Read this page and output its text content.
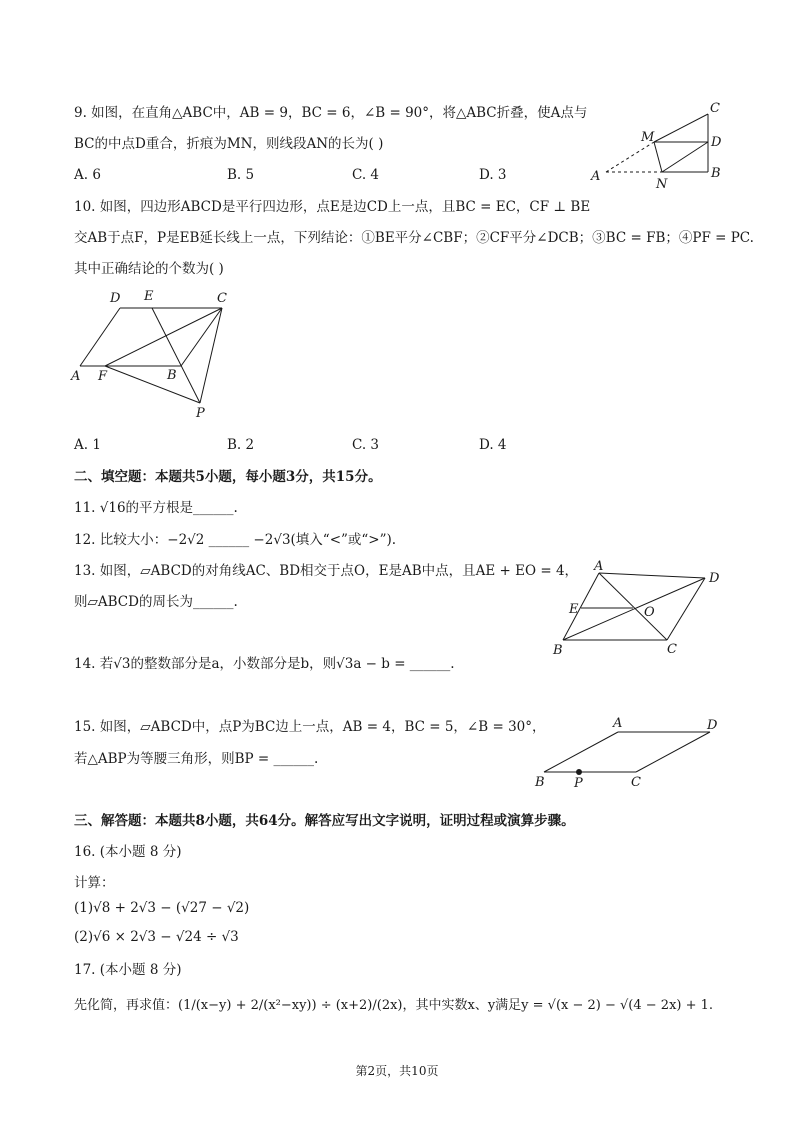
9. 如图，在直角△ABC中，AB = 9，BC = 6，∠B = 90°，将△ABC折叠，使A点与
BC的中点D重合，折痕为MN，则线段AN的长为( )
A. 6	B. 5	C. 4	D. 3
C
M	D
A
N
B
10. 如图，四边形ABCD是平行四边形，点E是边CD上一点，且BC = EC，CF ⊥ BE
交AB于点F，P是EB延长线上一点，下列结论：①BE平分∠CBF；②CF平分∠DCB；③BC = FB；④PF = PC.
其中正确结论的个数为( )
D E	C
A F	B
P
A. 1	B. 2	C. 3	D. 4
二、填空题：本题共5小题，每小题3分，共15分。
11. √16的平方根是______.
12. 比较大小：−2√2 ______ −2√3(填入“<”或“>”).
13. 如图，▱ABCD的对角线AC、BD相交于点O，E是AB中点，且AE + EO = 4，
则▱ABCD的周长为______.
A
D
E	O
B	C
14. 若√3的整数部分是a，小数部分是b，则√3a − b = ______.
15. 如图，▱ABCD中，点P为BC边上一点，AB = 4，BC = 5，∠B = 30°，
若△ABP为等腰三角形，则BP = ______.
A	D
B P	C
三、解答题：本题共8小题，共64分。解答应写出文字说明，证明过程或演算步骤。
16. (本小题 8 分)
计算：
(1)√8 + 2√3 − (√27 − √2)
(2)√6 × 2√3 − √24 ÷ √3
17. (本小题 8 分)
先化简，再求值：(1/(x−y) + 2/(x²−xy)) ÷ (x+2)/(2x)，其中实数x、y满足y = √(x − 2) − √(4 − 2x) + 1.
第2页，共10页
